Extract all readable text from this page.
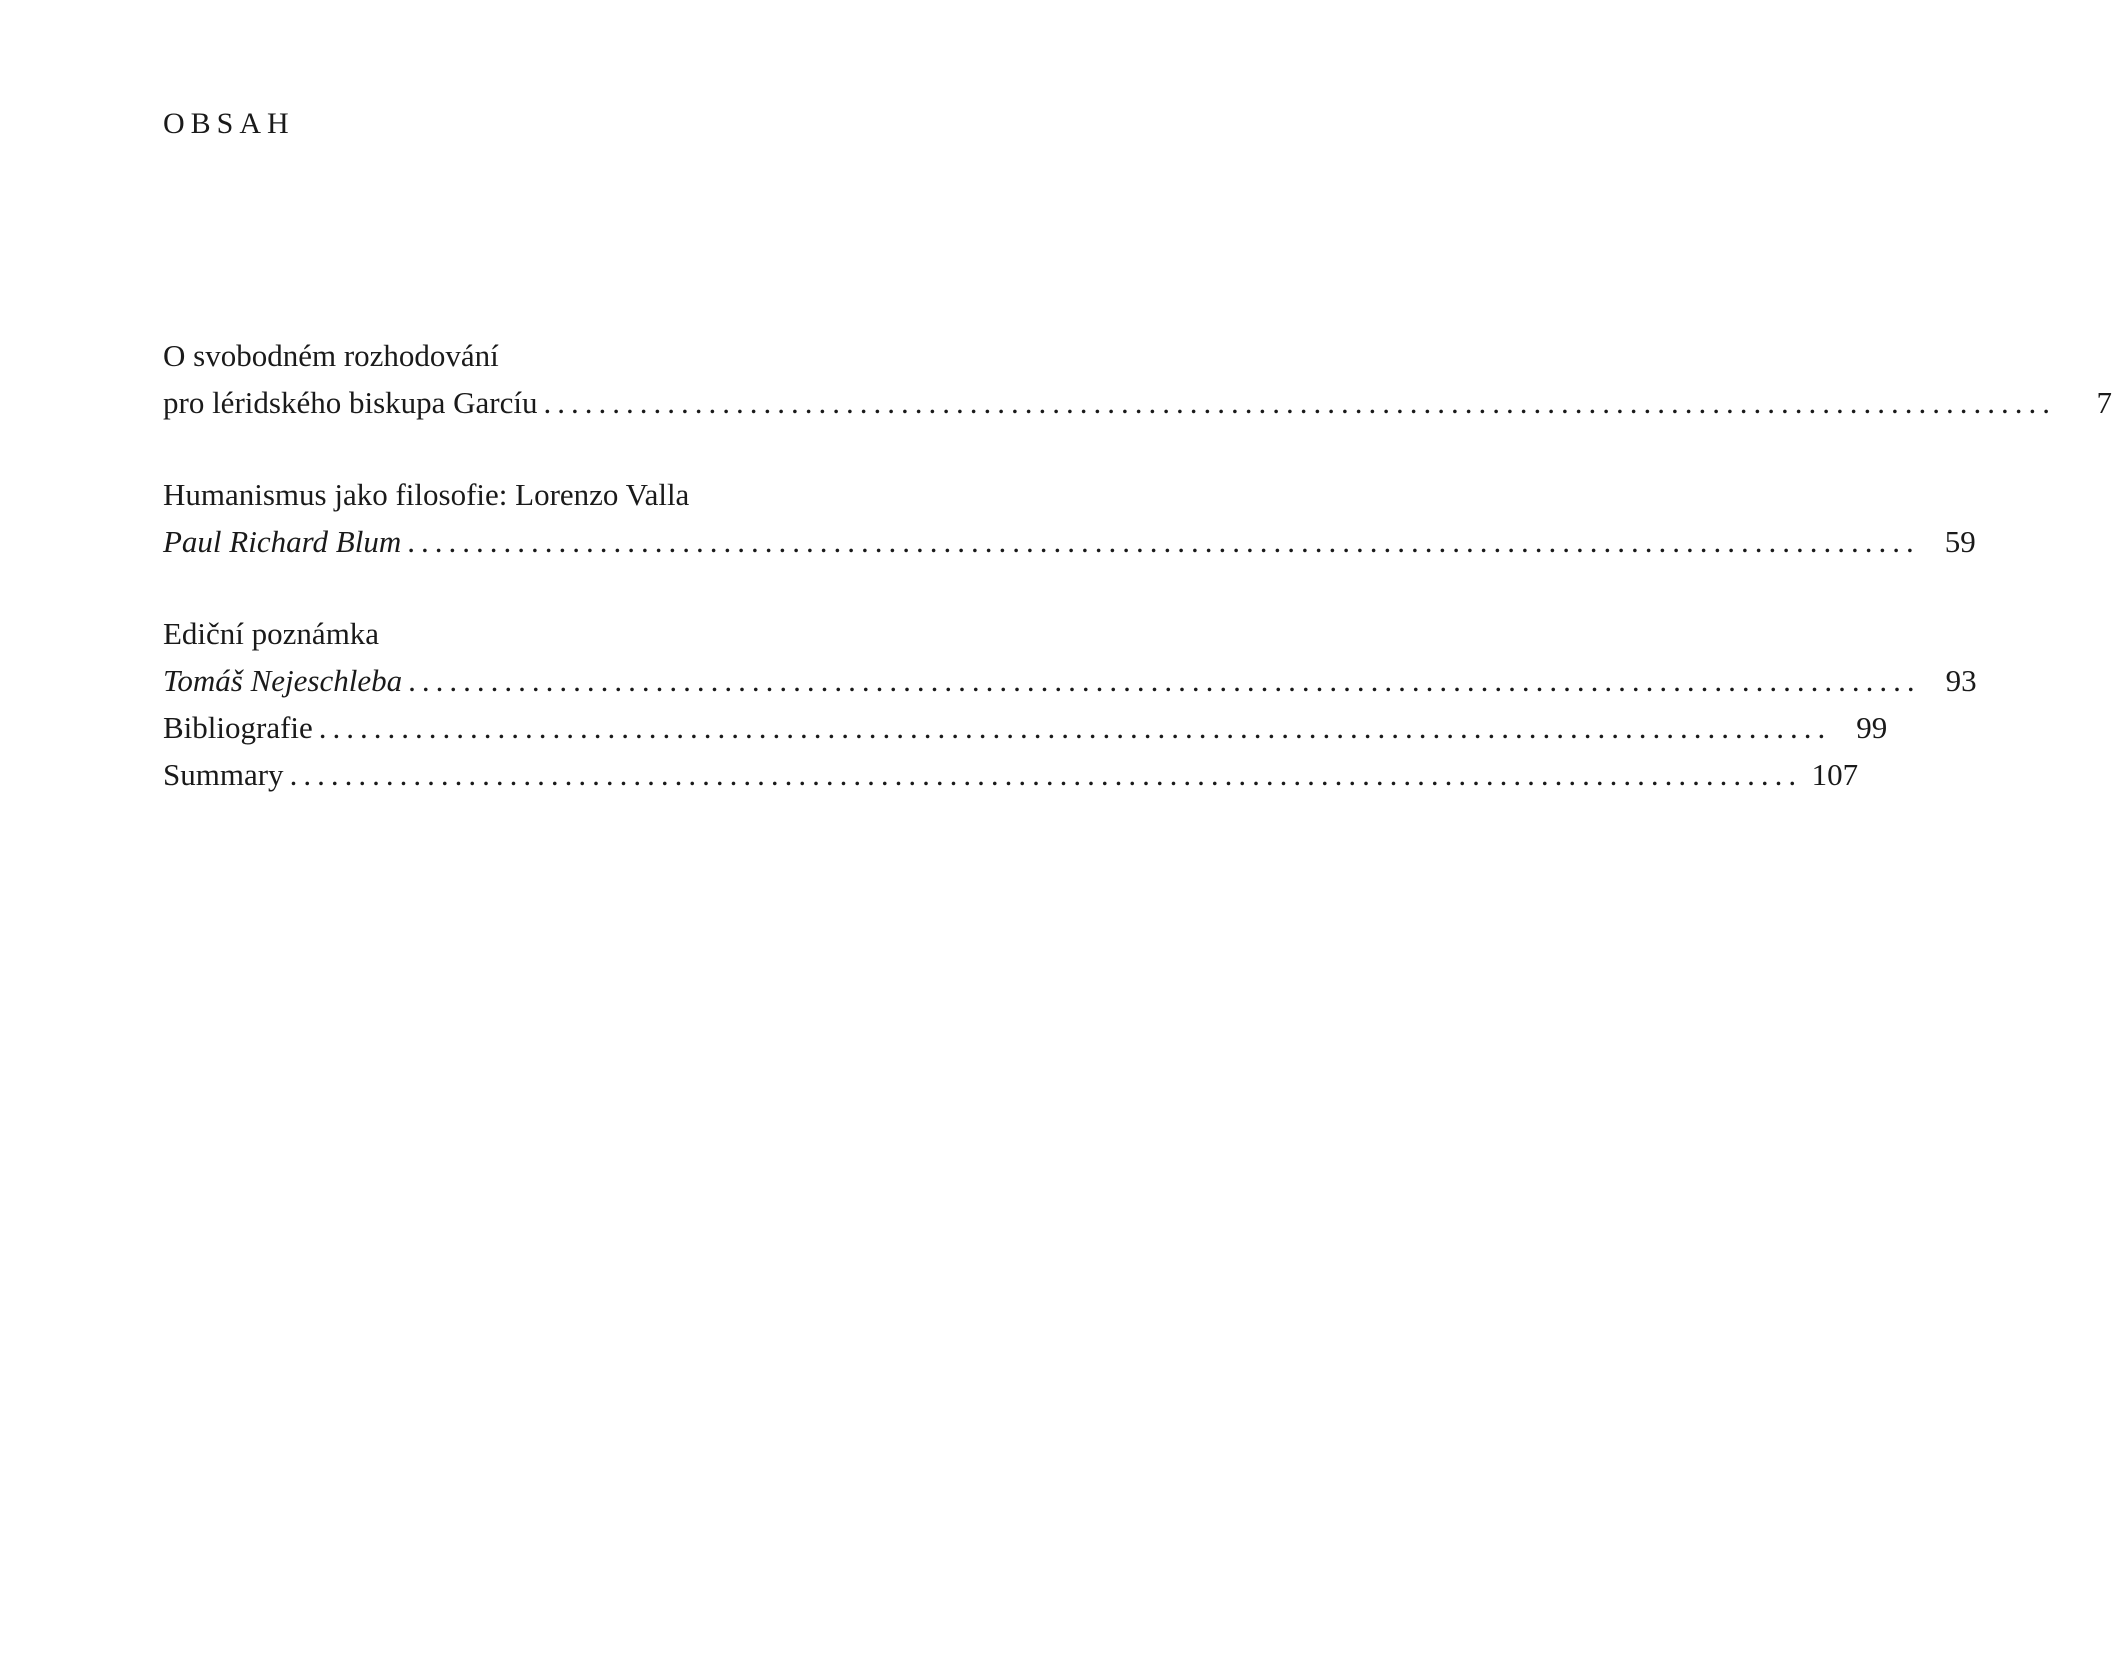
OBSAH
O svobodném rozhodování
pro léridského biskupa Garcíu ..............................................................................................................	7
Humanismus jako filosofie: Lorenzo Valla
Paul Richard Blum .............................................................................................................. 59
Ediční poznámka
Tomáš Nejeschleba .............................................................................................................. 93
Bibliografie .............................................................................................................. 99
Summary .............................................................................................................. 107
